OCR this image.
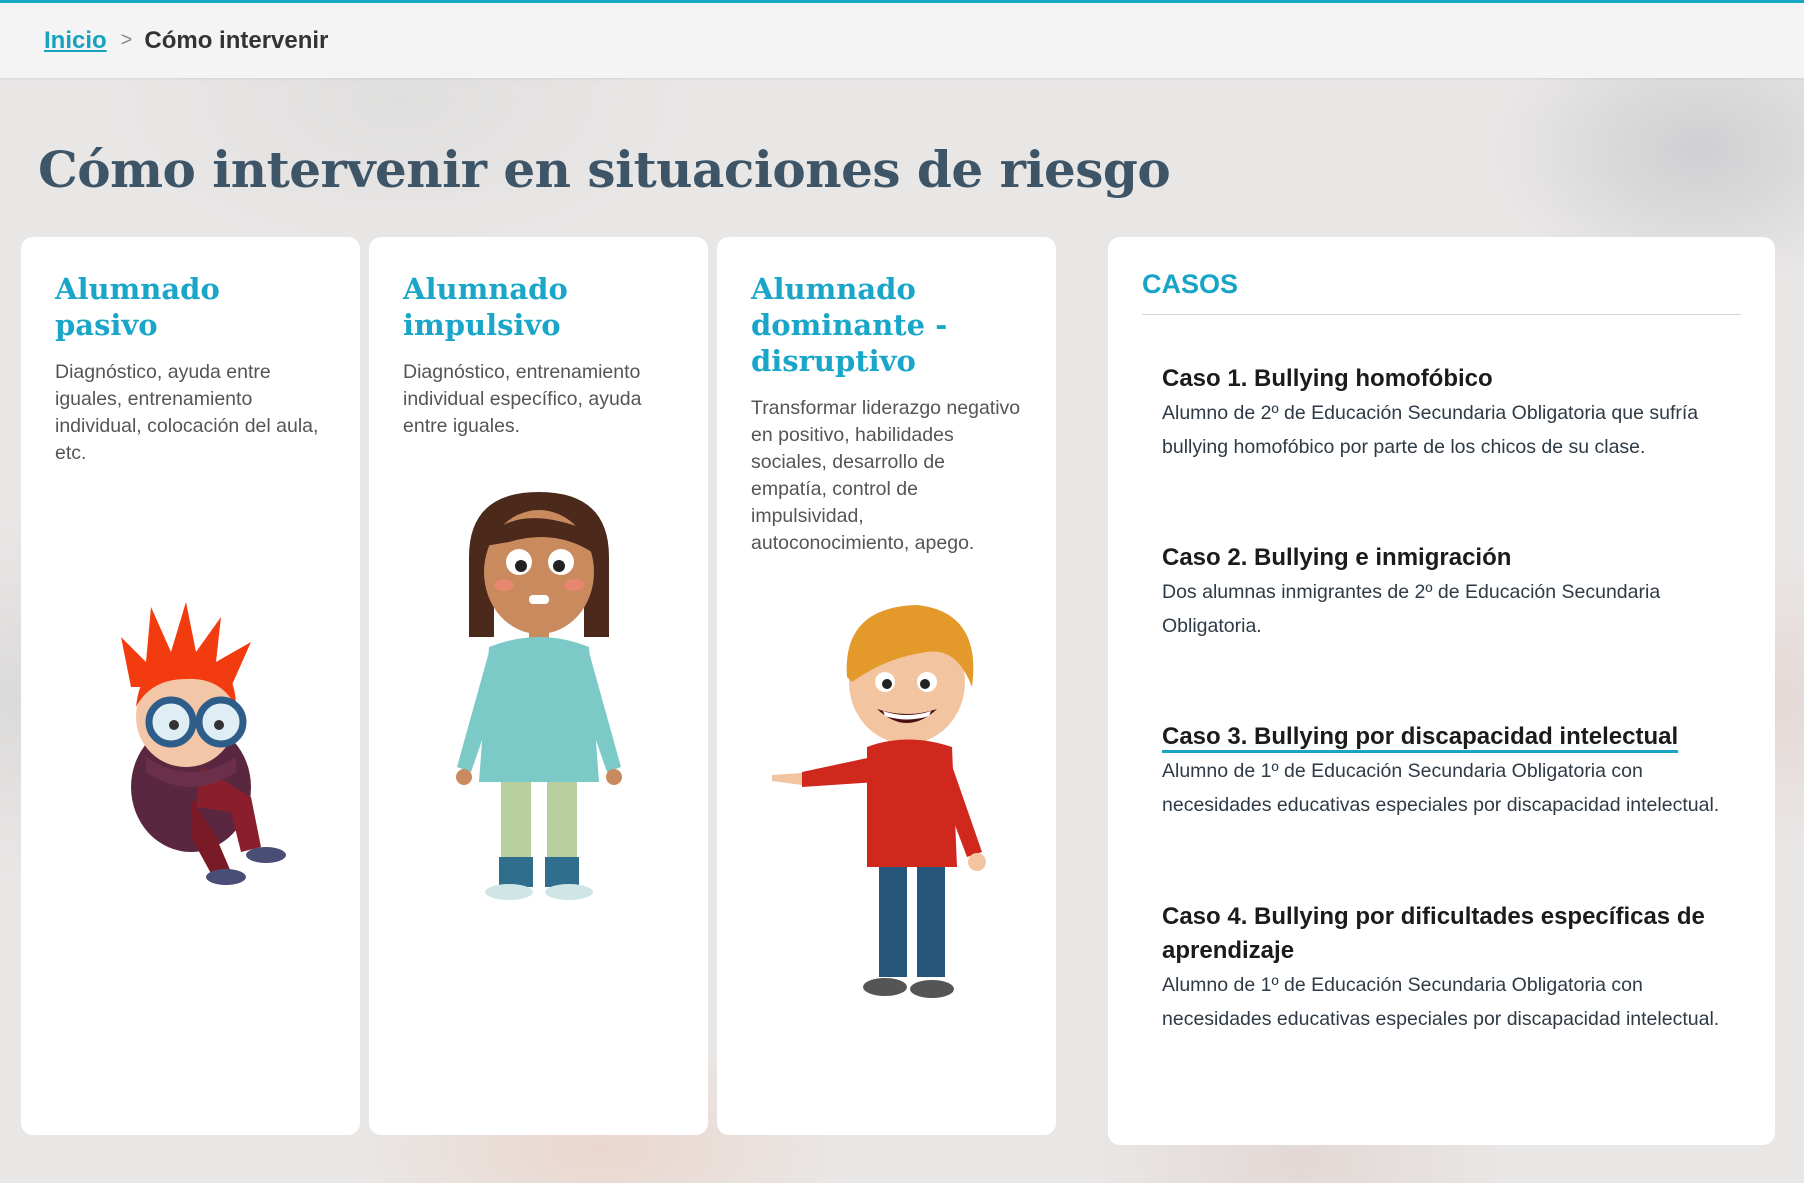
Inicio > Cómo intervenir
Cómo intervenir en situaciones de riesgo
Alumnado pasivo
Diagnóstico, ayuda entre iguales, entrenamiento individual, colocación del aula, etc.
Alumnado impulsivo
Diagnóstico, entrenamiento individual específico, ayuda entre iguales.
Alumnado dominante - disruptivo
Transformar liderazgo negativo en positivo, habilidades sociales, desarrollo de empatía, control de impulsividad, autoconocimiento, apego.
CASOS
Caso 1. Bullying homofóbico
Alumno de 2º de Educación Secundaria Obligatoria que sufría bullying homofóbico por parte de los chicos de su clase.
Caso 2. Bullying e inmigración
Dos alumnas inmigrantes de 2º de Educación Secundaria Obligatoria.
Caso 3. Bullying por discapacidad intelectual
Alumno de 1º de Educación Secundaria Obligatoria con necesidades educativas especiales por discapacidad intelectual.
Caso 4. Bullying por dificultades específicas de aprendizaje
Alumno de 1º de Educación Secundaria Obligatoria con necesidades educativas especiales por discapacidad intelectual.
